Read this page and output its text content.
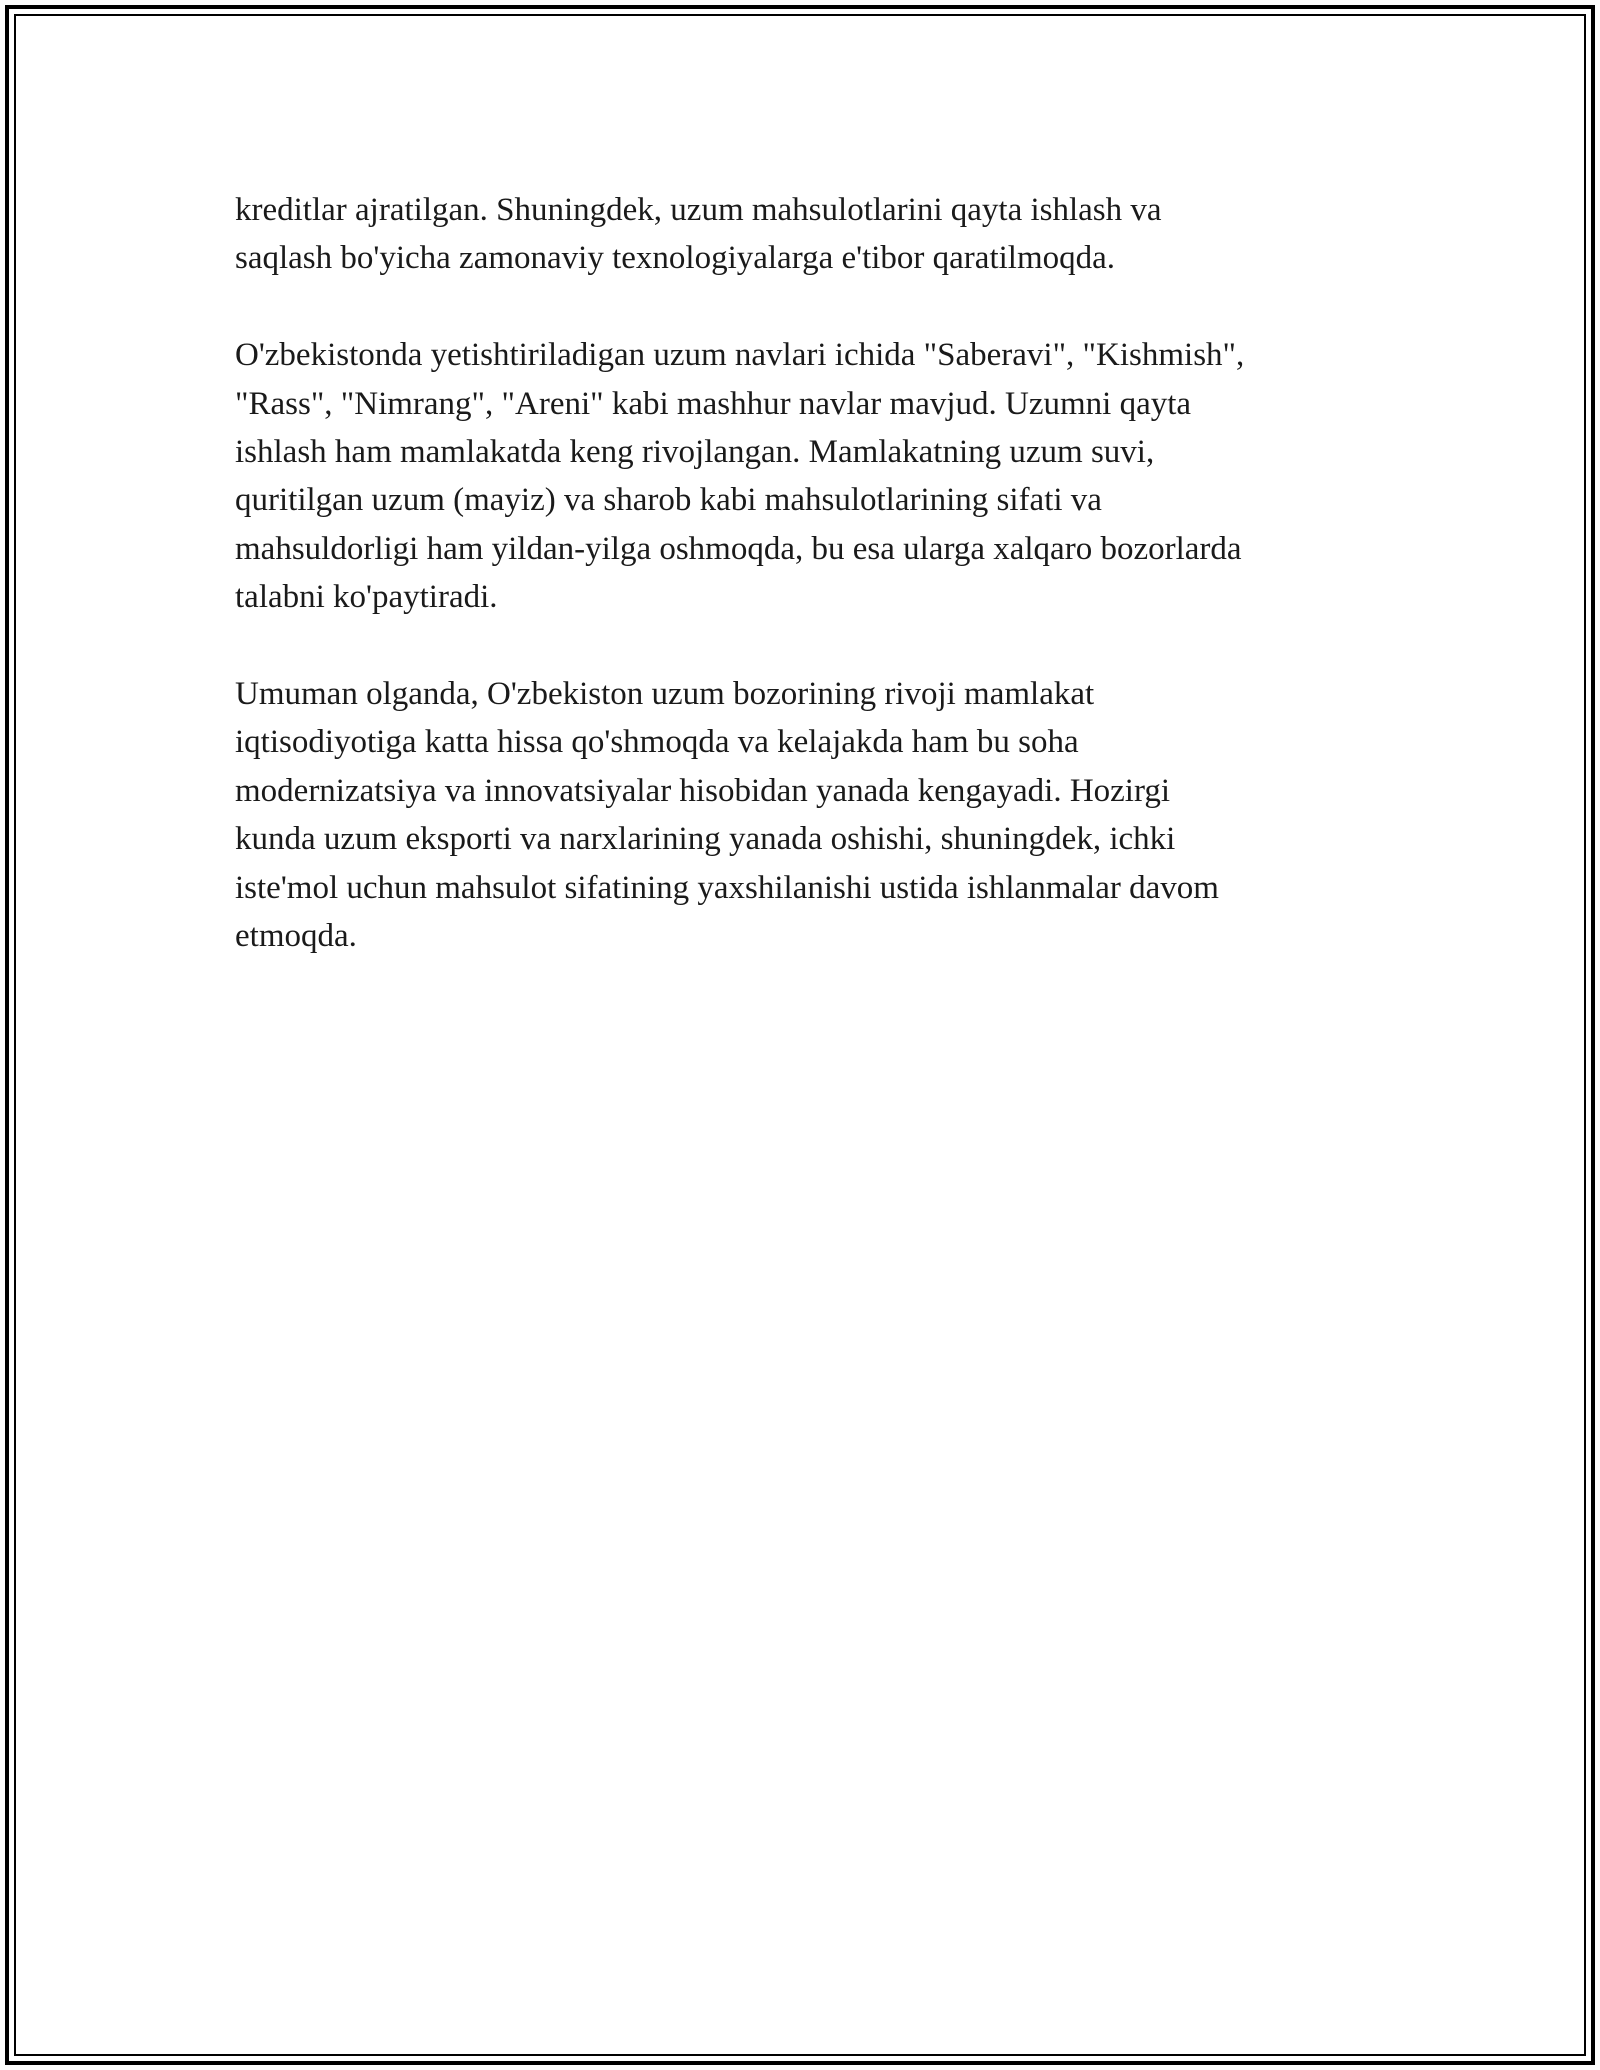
kreditlar ajratilgan. Shuningdek, uzum mahsulotlarini qayta ishlash va
saqlash bo'yicha zamonaviy texnologiyalarga e'tibor qaratilmoqda.

O'zbekistonda yetishtiriladigan uzum navlari ichida "Saberavi", "Kishmish",
"Rass", "Nimrang", "Areni" kabi mashhur navlar mavjud. Uzumni qayta
ishlash ham mamlakatda keng rivojlangan. Mamlakatning uzum suvi,
quritilgan uzum (mayiz) va sharob kabi mahsulotlarining sifati va
mahsuldorligi ham yildan-yilga oshmoqda, bu esa ularga xalqaro bozorlarda
talabni ko'paytiradi.

Umuman olganda, O'zbekiston uzum bozorining rivoji mamlakat
iqtisodiyotiga katta hissa qo'shmoqda va kelajakda ham bu soha
modernizatsiya va innovatsiyalar hisobidan yanada kengayadi. Hozirgi
kunda uzum eksporti va narxlarining yanada oshishi, shuningdek, ichki
iste'mol uchun mahsulot sifatining yaxshilanishi ustida ishlanmalar davom
etmoqda.
